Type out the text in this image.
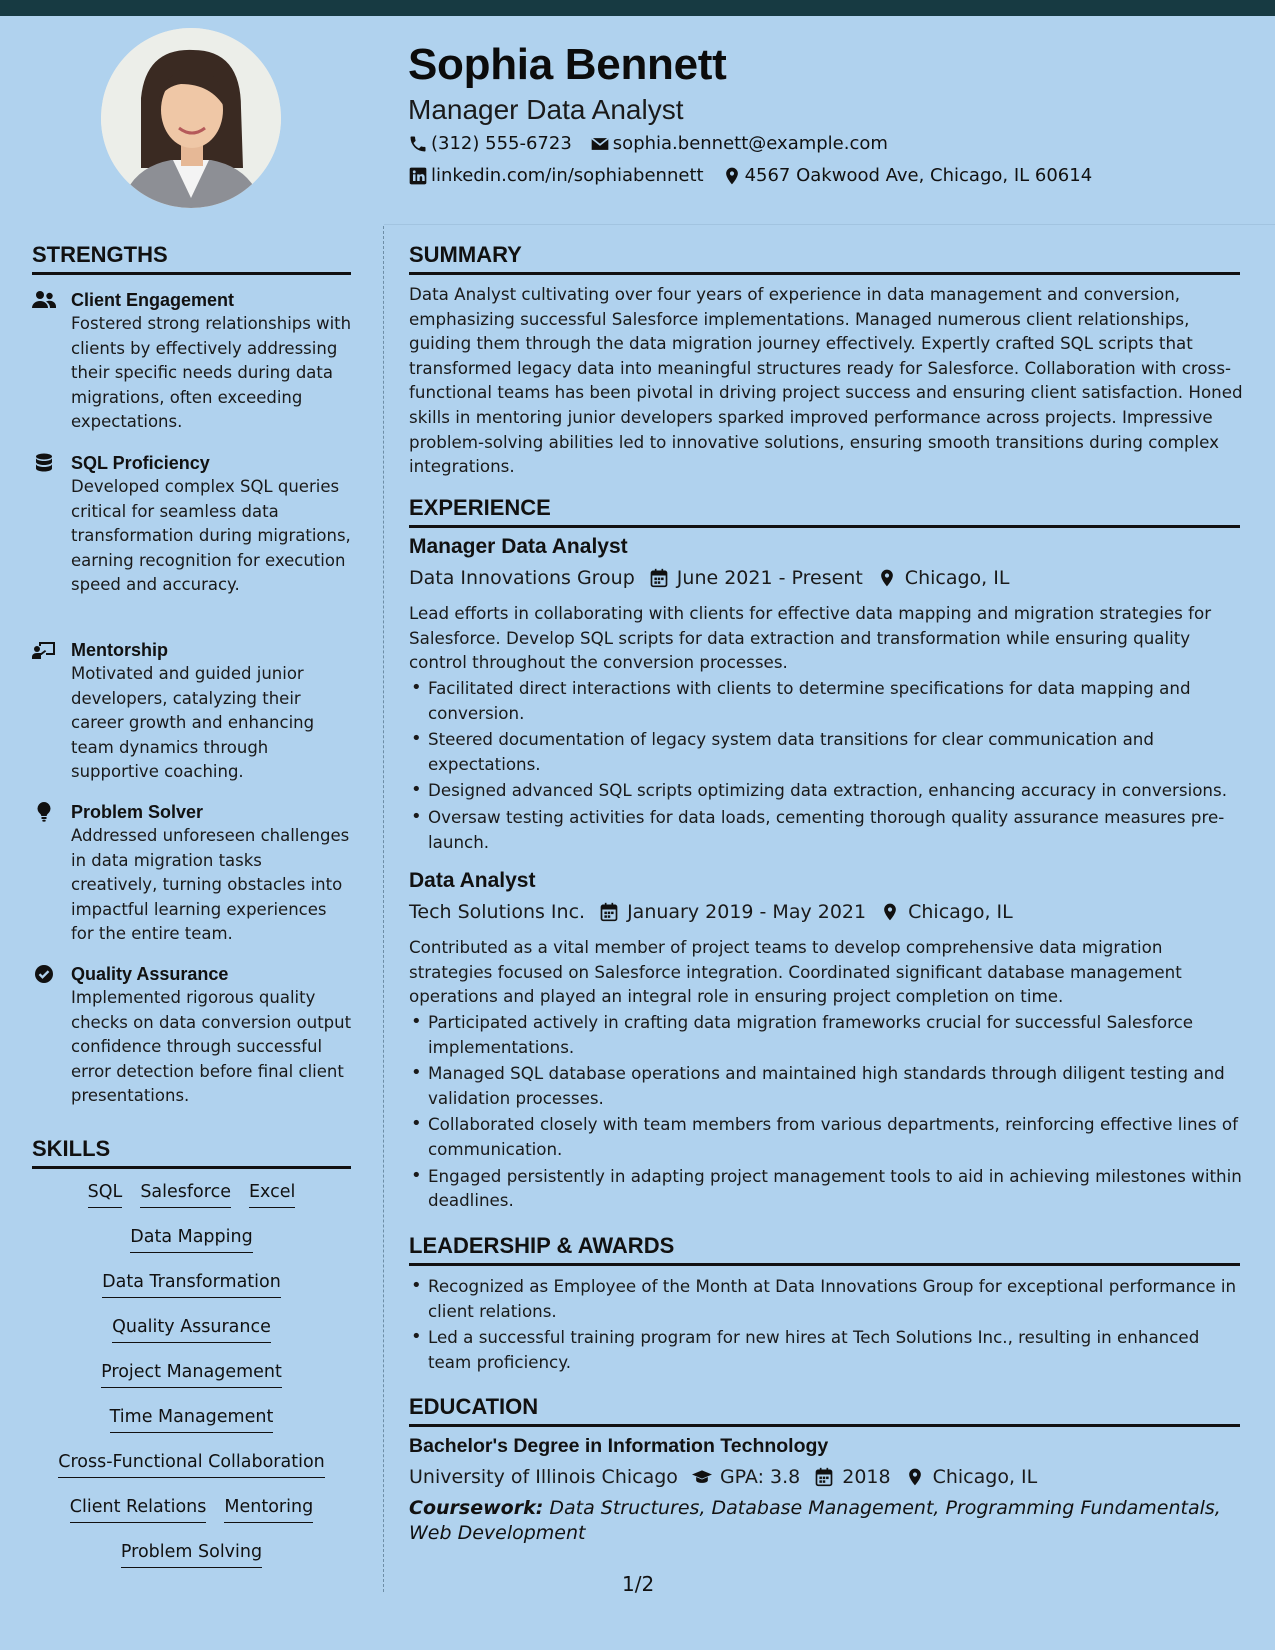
Sophia Bennett
Manager Data Analyst
(312) 555-6723 sophia.bennett@example.com
linkedin.com/in/sophiabennett 4567 Oakwood Ave, Chicago, IL 60614
STRENGTHS
Client Engagement
Fostered strong relationships with clients by effectively addressing their specific needs during data migrations, often exceeding expectations.
SQL Proficiency
Developed complex SQL queries critical for seamless data transformation during migrations, earning recognition for execution speed and accuracy.
Mentorship
Motivated and guided junior developers, catalyzing their career growth and enhancing team dynamics through supportive coaching.
Problem Solver
Addressed unforeseen challenges in data migration tasks creatively, turning obstacles into impactful learning experiences for the entire team.
Quality Assurance
Implemented rigorous quality checks on data conversion output confidence through successful error detection before final client presentations.
SKILLS
SQL Salesforce Excel
Data Mapping
Data Transformation
Quality Assurance
Project Management
Time Management
Cross-Functional Collaboration
Client Relations Mentoring
Problem Solving
SUMMARY
Data Analyst cultivating over four years of experience in data management and conversion, emphasizing successful Salesforce implementations. Managed numerous client relationships, guiding them through the data migration journey effectively. Expertly crafted SQL scripts that transformed legacy data into meaningful structures ready for Salesforce. Collaboration with cross-functional teams has been pivotal in driving project success and ensuring client satisfaction. Honed skills in mentoring junior developers sparked improved performance across projects. Impressive problem-solving abilities led to innovative solutions, ensuring smooth transitions during complex integrations.
EXPERIENCE
Manager Data Analyst
Data Innovations Group June 2021 - Present Chicago, IL
Lead efforts in collaborating with clients for effective data mapping and migration strategies for Salesforce. Develop SQL scripts for data extraction and transformation while ensuring quality control throughout the conversion processes.
• Facilitated direct interactions with clients to determine specifications for data mapping and conversion.
• Steered documentation of legacy system data transitions for clear communication and expectations.
• Designed advanced SQL scripts optimizing data extraction, enhancing accuracy in conversions.
• Oversaw testing activities for data loads, cementing thorough quality assurance measures pre-launch.
Data Analyst
Tech Solutions Inc. January 2019 - May 2021 Chicago, IL
Contributed as a vital member of project teams to develop comprehensive data migration strategies focused on Salesforce integration. Coordinated significant database management operations and played an integral role in ensuring project completion on time.
• Participated actively in crafting data migration frameworks crucial for successful Salesforce implementations.
• Managed SQL database operations and maintained high standards through diligent testing and validation processes.
• Collaborated closely with team members from various departments, reinforcing effective lines of communication.
• Engaged persistently in adapting project management tools to aid in achieving milestones within deadlines.
LEADERSHIP & AWARDS
• Recognized as Employee of the Month at Data Innovations Group for exceptional performance in client relations.
• Led a successful training program for new hires at Tech Solutions Inc., resulting in enhanced team proficiency.
EDUCATION
Bachelor's Degree in Information Technology
University of Illinois Chicago GPA: 3.8 2018 Chicago, IL
Coursework: Data Structures, Database Management, Programming Fundamentals, Web Development
1/2
